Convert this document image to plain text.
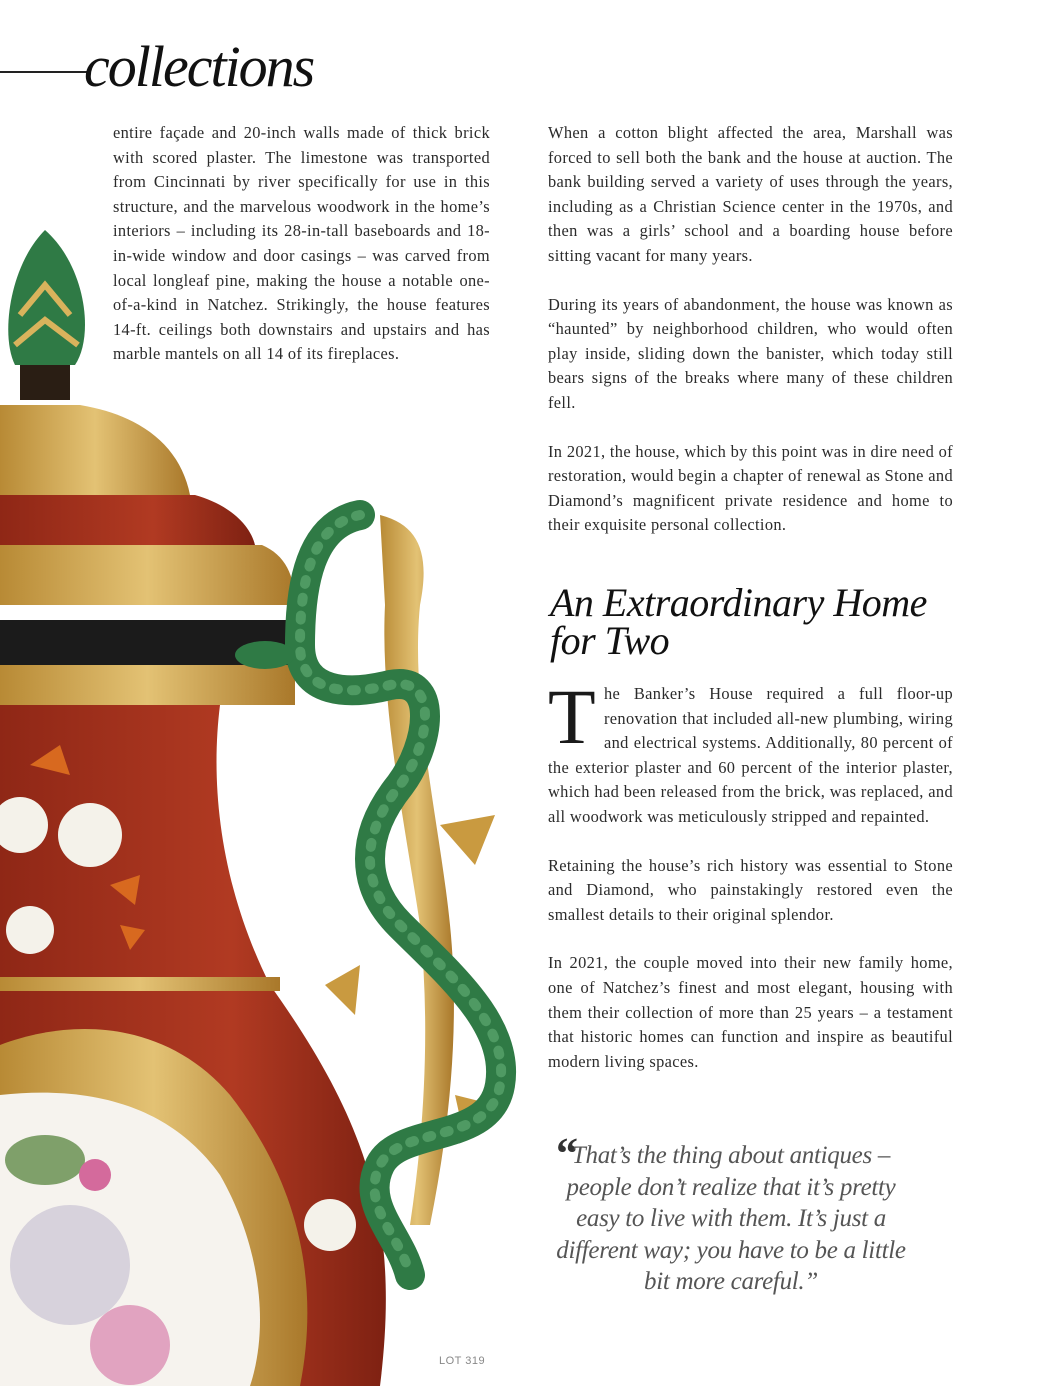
collections

entire façade and 20-inch walls made of thick brick with scored plaster. The limestone was transported from Cincinnati by river specifically for use in this structure, and the marvelous woodwork in the home’s interiors – including its 28-in-tall baseboards and 18-in-wide window and door casings – was carved from local longleaf pine, making the house a notable one-of-a-kind in Natchez. Strikingly, the house features 14-ft. ceilings both downstairs and upstairs and has marble mantels on all 14 of its fireplaces.

When a cotton blight affected the area, Marshall was forced to sell both the bank and the house at auction. The bank building served a variety of uses through the years, including as a Christian Science center in the 1970s, and then was a girls’ school and a boarding house before sitting vacant for many years.

During its years of abandonment, the house was known as “haunted” by neighborhood children, who would often play inside, sliding down the banister, which today still bears signs of the breaks where many of these children fell.

In 2021, the house, which by this point was in dire need of restoration, would begin a chapter of renewal as Stone and Diamond’s magnificent private residence and home to their exquisite personal collection.

An Extraordinary Home for Two

The Banker’s House required a full floor-up renovation that included all-new plumbing, wiring and electrical systems. Additionally, 80 percent of the exterior plaster and 60 percent of the interior plaster, which had been released from the brick, was replaced, and all woodwork was meticulously stripped and repainted.

Retaining the house’s rich history was essential to Stone and Diamond, who painstakingly restored even the smallest details to their original splendor.

In 2021, the couple moved into their new family home, one of Natchez’s finest and most elegant, housing with them their collection of more than 25 years – a testament that historic homes can function and inspire as beautiful modern living spaces.

“
That’s the thing about antiques – people don’t realize that it’s pretty easy to live with them. It’s just a different way; you have to be a little bit more careful.”
LOT 319
